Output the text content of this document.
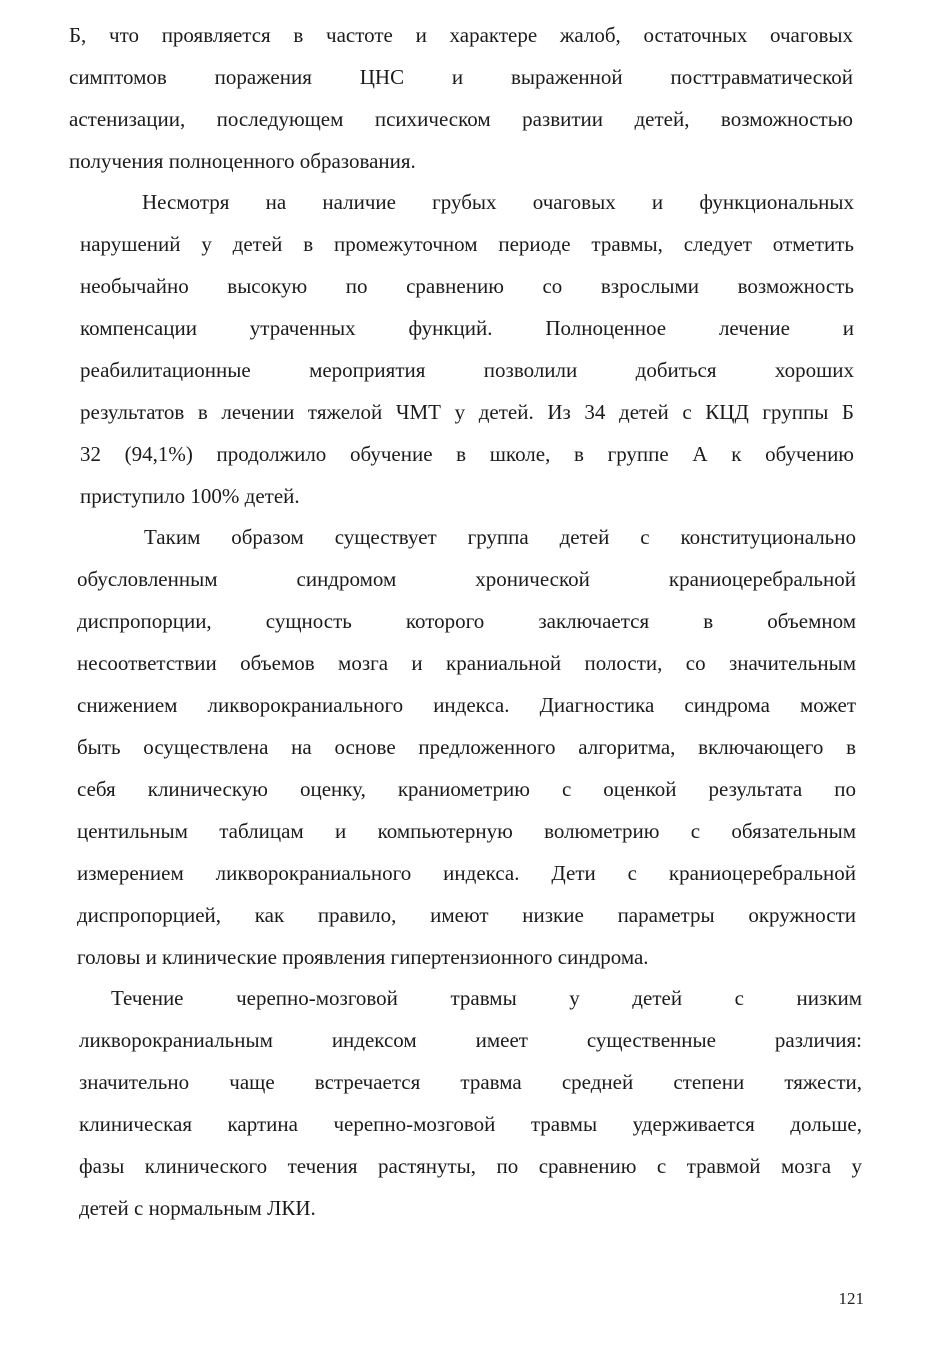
Б, что проявляется в частоте и характере жалоб, остаточных очаговых
симптомов поражения ЦНС и выраженной посттравматической
астенизации, последующем психическом развитии детей, возможностью
получения полноценного образования.
Несмотря на наличие грубых очаговых и функциональных
нарушений у детей в промежуточном периоде травмы, следует отметить
необычайно высокую по сравнению со взрослыми возможность
компенсации утраченных функций. Полноценное лечение и
реабилитационные мероприятия позволили добиться хороших
результатов в лечении тяжелой ЧМТ у детей. Из 34 детей с КЦД группы Б
32 (94,1%) продолжило обучение в школе, в группе А к обучению
приступило 100% детей.
Таким образом существует группа детей с конституционально
обусловленным синдромом хронической краниоцеребральной
диспропорции, сущность которого заключается в объемном
несоответствии объемов мозга и краниальной полости, со значительным
снижением ликворокраниального индекса. Диагностика синдрома может
быть осуществлена на основе предложенного алгоритма, включающего в
себя клиническую оценку, краниометрию с оценкой результата по
центильным таблицам и компьютерную волюметрию с обязательным
измерением ликворокраниального индекса. Дети с краниоцеребральной
диспропорцией, как правило, имеют низкие параметры окружности
головы и клинические проявления гипертензионного синдрома.
Течение черепно-мозговой травмы у детей с низким
ликворокраниальным индексом имеет существенные различия:
значительно чаще встречается травма средней степени тяжести,
клиническая картина черепно-мозговой травмы удерживается дольше,
фазы клинического течения растянуты, по сравнению с травмой мозга у
детей с нормальным ЛКИ.
121
